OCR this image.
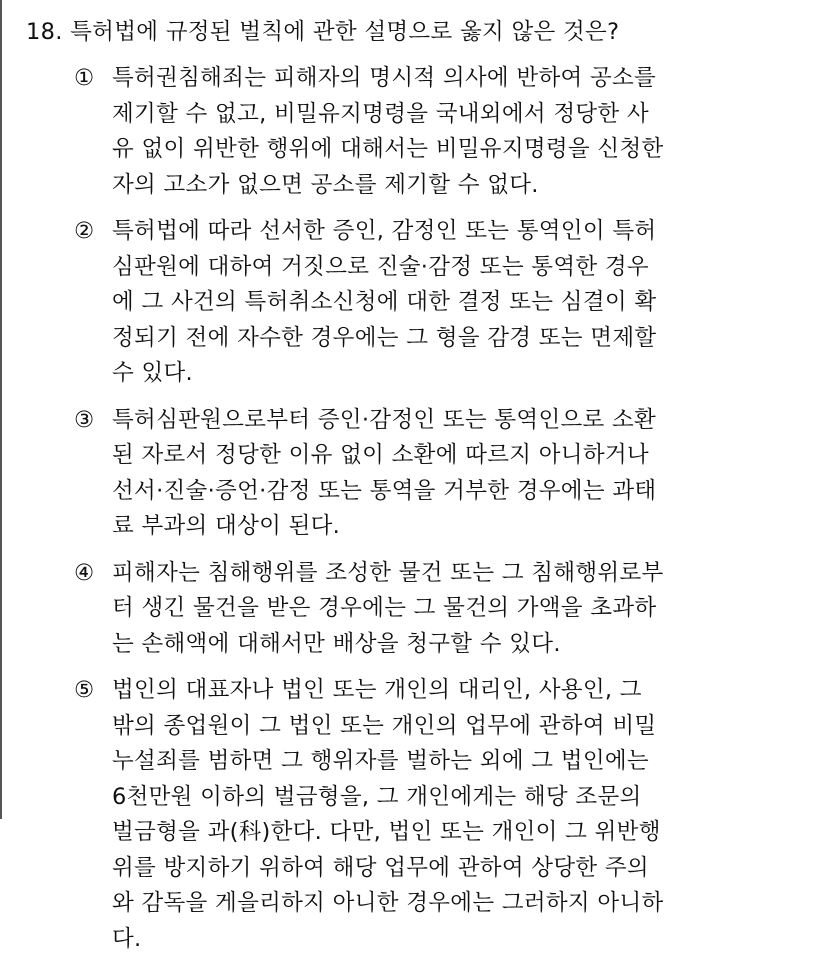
18. 특허법에 규정된 벌칙에 관한 설명으로 옳지 않은 것은?
① 특허권침해죄는 피해자의 명시적 의사에 반하여 공소를
제기할 수 없고, 비밀유지명령을 국내외에서 정당한 사
유 없이 위반한 행위에 대해서는 비밀유지명령을 신청한
자의 고소가 없으면 공소를 제기할 수 없다.
② 특허법에 따라 선서한 증인, 감정인 또는 통역인이 특허
심판원에 대하여 거짓으로 진술·감정 또는 통역한 경우
에 그 사건의 특허취소신청에 대한 결정 또는 심결이 확
정되기 전에 자수한 경우에는 그 형을 감경 또는 면제할
수 있다.
③ 특허심판원으로부터 증인·감정인 또는 통역인으로 소환
된 자로서 정당한 이유 없이 소환에 따르지 아니하거나
선서·진술·증언·감정 또는 통역을 거부한 경우에는 과태
료 부과의 대상이 된다.
④ 피해자는 침해행위를 조성한 물건 또는 그 침해행위로부
터 생긴 물건을 받은 경우에는 그 물건의 가액을 초과하
는 손해액에 대해서만 배상을 청구할 수 있다.
⑤ 법인의 대표자나 법인 또는 개인의 대리인, 사용인, 그
밖의 종업원이 그 법인 또는 개인의 업무에 관하여 비밀
누설죄를 범하면 그 행위자를 벌하는 외에 그 법인에는
6천만원 이하의 벌금형을, 그 개인에게는 해당 조문의
벌금형을 과(科)한다. 다만, 법인 또는 개인이 그 위반행
위를 방지하기 위하여 해당 업무에 관하여 상당한 주의
와 감독을 게을리하지 아니한 경우에는 그러하지 아니하
다.
